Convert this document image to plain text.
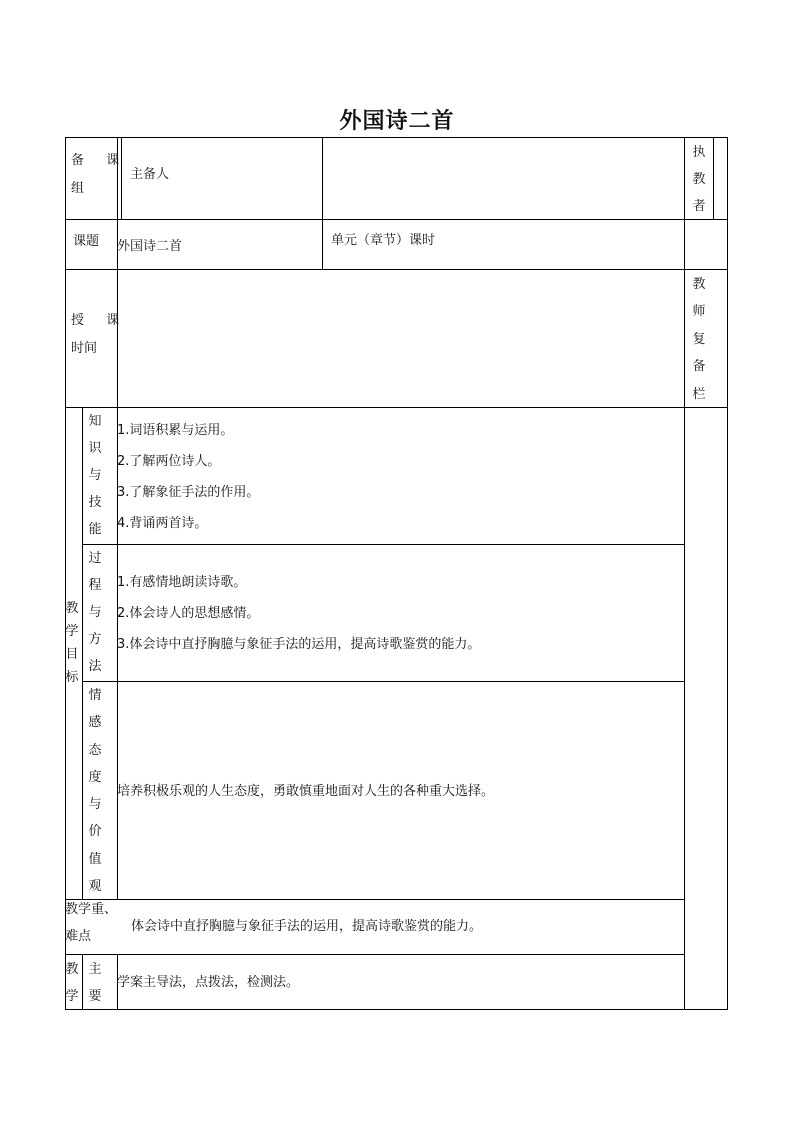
外国诗二首
备 课
组
主备人
执
教
者
课题 外国诗二首	单元（章节）课时
授 课
时间
教
师
复
备
栏
教
学
目
标
知
识
与
技
能
1.词语积累与运用。
2.了解两位诗人。
3.了解象征手法的作用。
4.背诵两首诗。
过
程
与
方
法
1.有感情地朗读诗歌。
2.体会诗人的思想感情。
3.体会诗中直抒胸臆与象征手法的运用，提高诗歌鉴赏的能力。
情
感
态
度
与
价
值
观
培养积极乐观的人生态度，勇敢慎重地面对人生的各种重大选择。
教学重、
难点
体会诗中直抒胸臆与象征手法的运用，提高诗歌鉴赏的能力。
教
学
主
要
学案主导法，点拨法，检测法。
